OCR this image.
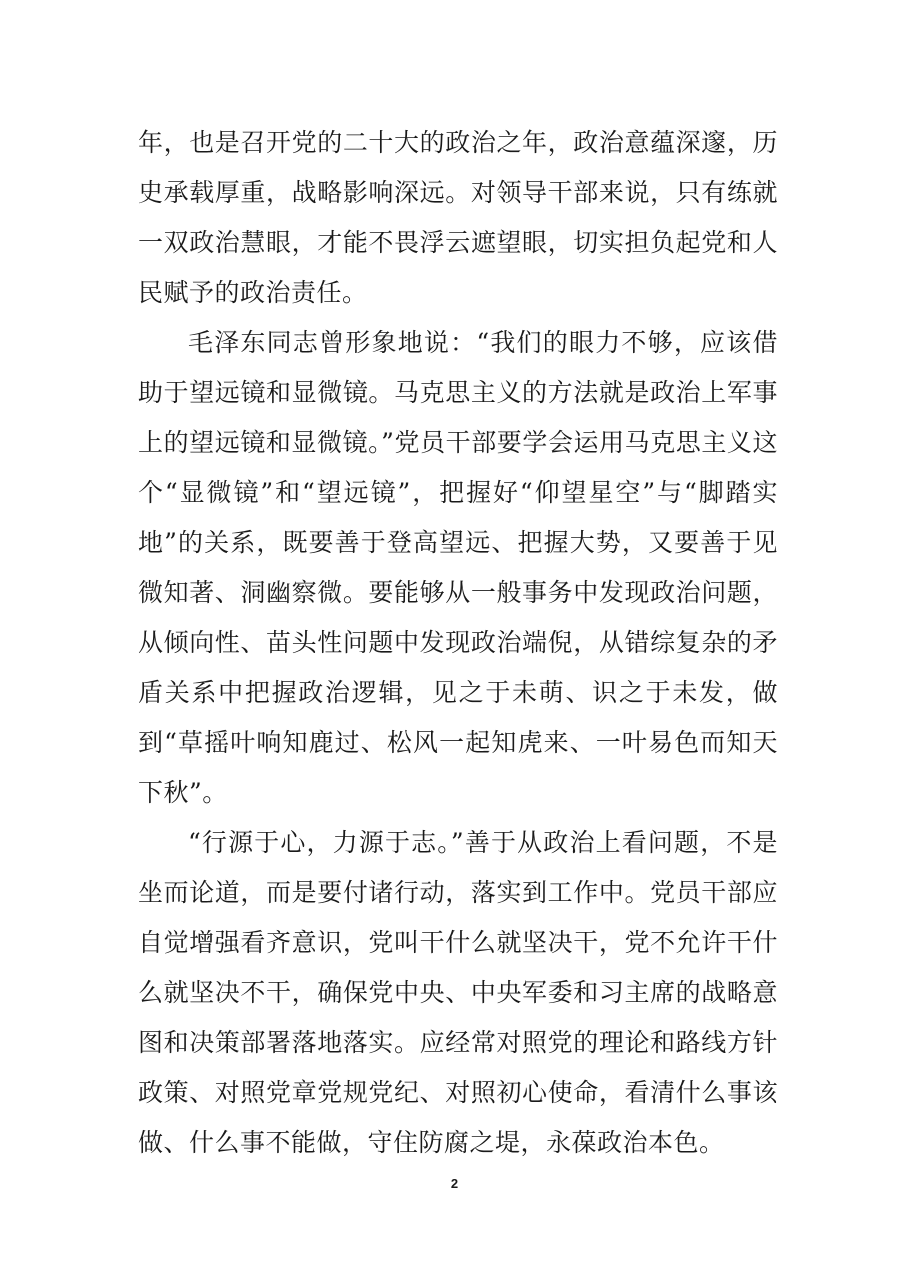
年，也是召开党的二十大的政治之年，政治意蕴深邃，历史承载厚重，战略影响深远。对领导干部来说，只有练就一双政治慧眼，才能不畏浮云遮望眼，切实担负起党和人民赋予的政治责任。

毛泽东同志曾形象地说：“我们的眼力不够，应该借助于望远镜和显微镜。马克思主义的方法就是政治上军事上的望远镜和显微镜。”党员干部要学会运用马克思主义这个“显微镜”和“望远镜”，把握好“仰望星空”与“脚踏实地”的关系，既要善于登高望远、把握大势，又要善于见微知著、洞幽察微。要能够从一般事务中发现政治问题，从倾向性、苗头性问题中发现政治端倪，从错综复杂的矛盾关系中把握政治逻辑，见之于未萌、识之于未发，做到“草摇叶响知鹿过、松风一起知虎来、一叶易色而知天下秋”。

“行源于心，力源于志。”善于从政治上看问题，不是坐而论道，而是要付诸行动，落实到工作中。党员干部应自觉增强看齐意识，党叫干什么就坚决干，党不允许干什么就坚决不干，确保党中央、中央军委和习主席的战略意图和决策部署落地落实。应经常对照党的理论和路线方针政策、对照党章党规党纪、对照初心使命，看清什么事该做、什么事不能做，守住防腐之堤，永葆政治本色。

2
